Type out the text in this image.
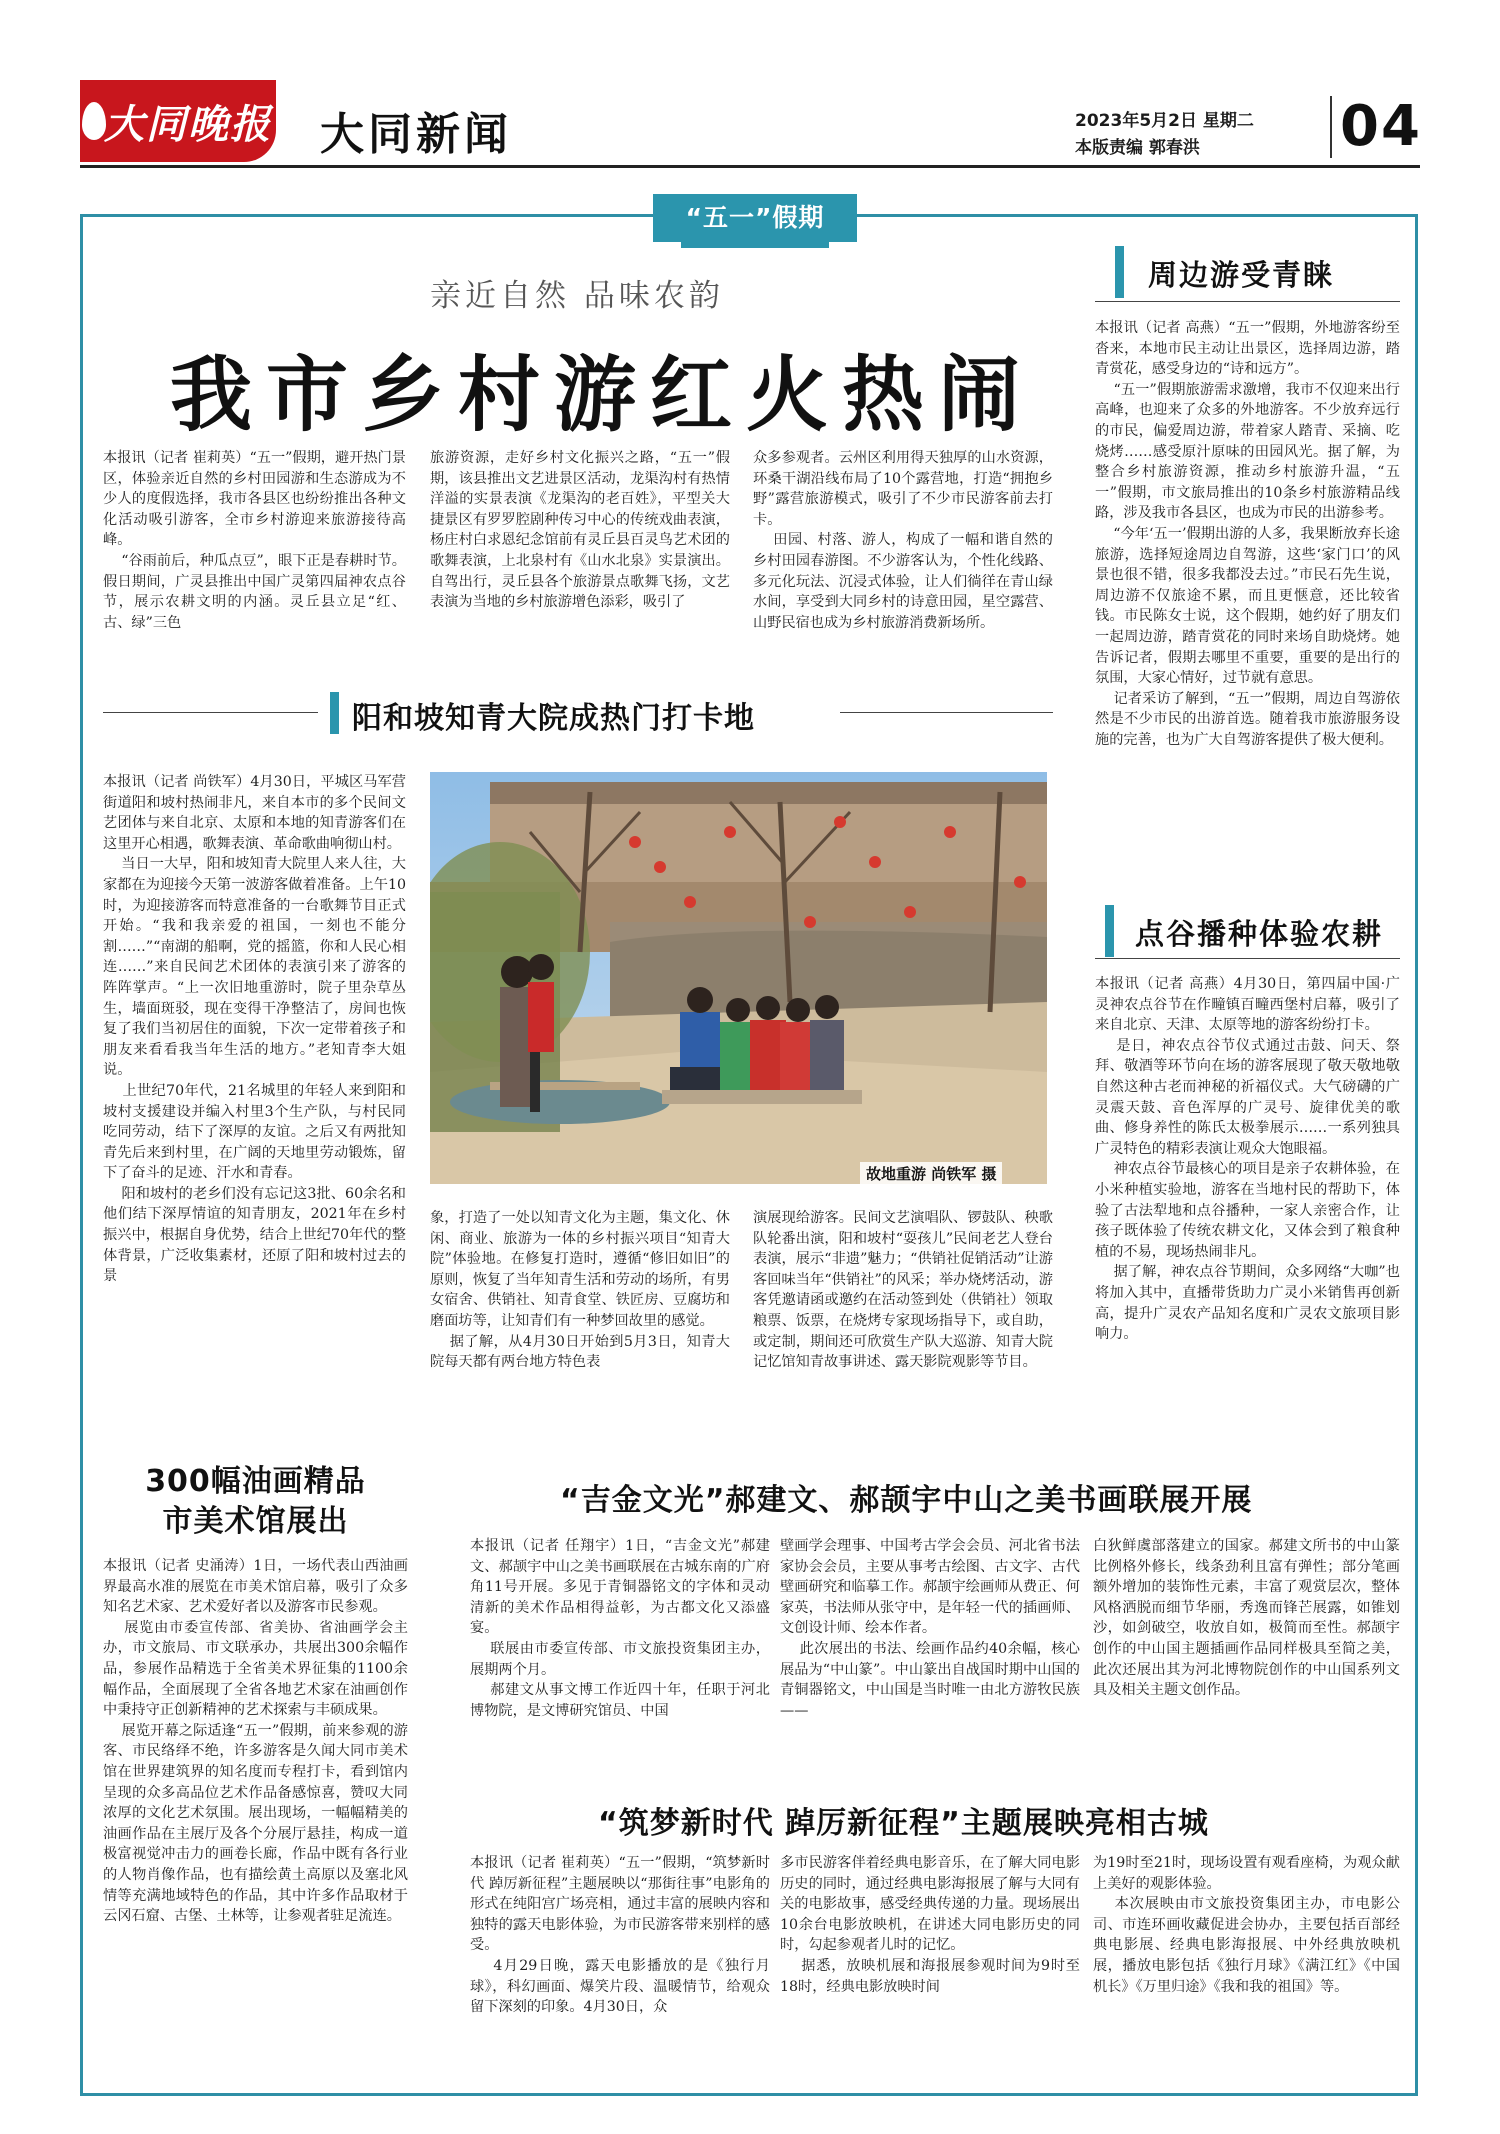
大同晚报 大同新闻	2023年5月2日 星期二
本版责编 郭春洪	04
“五一”假期
亲近自然 品味农韵
我市乡村游红火热闹
本报讯（记者 崔莉英）“五一”假期，避开热门景区，体验亲近自然的乡村田园游和生态游成为不少人的度假选择，我市各县区也纷纷推出各种文化活动吸引游客，全市乡村游迎来旅游接待高峰。
“谷雨前后，种瓜点豆”，眼下正是春耕时节。假日期间，广灵县推出中国广灵第四届神农点谷节，展示农耕文明的内涵。灵丘县立足“红、古、绿”三色
旅游资源，走好乡村文化振兴之路，“五一”假期，该县推出文艺进景区活动，龙渠沟村有热情洋溢的实景表演《龙渠沟的老百姓》，平型关大捷景区有罗罗腔剧种传习中心的传统戏曲表演，杨庄村白求恩纪念馆前有灵丘县百灵鸟艺术团的歌舞表演，上北泉村有《山水北泉》实景演出。自驾出行，灵丘县各个旅游景点歌舞飞扬，文艺表演为当地的乡村旅游增色添彩，吸引了
众多参观者。云州区利用得天独厚的山水资源，环桑干湖沿线布局了10个露营地，打造“拥抱乡野”露营旅游模式，吸引了不少市民游客前去打卡。
田园、村落、游人，构成了一幅和谐自然的乡村田园春游图。不少游客认为，个性化线路、多元化玩法、沉浸式体验，让人们徜徉在青山绿水间，享受到大同乡村的诗意田园，星空露营、山野民宿也成为乡村旅游消费新场所。
阳和坡知青大院成热门打卡地
本报讯（记者 尚铁军）4月30日，平城区马军营街道阳和坡村热闹非凡，来自本市的多个民间文艺团体与来自北京、太原和本地的知青游客们在这里开心相遇，歌舞表演、革命歌曲响彻山村。
当日一大早，阳和坡知青大院里人来人往，大家都在为迎接今天第一波游客做着准备。上午10时，为迎接游客而特意准备的一台歌舞节目正式开始。“我和我亲爱的祖国，一刻也不能分割……”“南湖的船啊，党的摇篮，你和人民心相连……”来自民间艺术团体的表演引来了游客的阵阵掌声。“上一次旧地重游时，院子里杂草丛生，墙面斑驳，现在变得干净整洁了，房间也恢复了我们当初居住的面貌，下次一定带着孩子和朋友来看看我当年生活的地方。”老知青李大姐说。
上世纪70年代，21名城里的年轻人来到阳和坡村支援建设并编入村里3个生产队，与村民同吃同劳动，结下了深厚的友谊。之后又有两批知青先后来到村里，在广阔的天地里劳动锻炼，留下了奋斗的足迹、汗水和青春。
阳和坡村的老乡们没有忘记这3批、60余名和他们结下深厚情谊的知青朋友，2021年在乡村振兴中，根据自身优势，结合上世纪70年代的整体背景，广泛收集素材，还原了阳和坡村过去的景
故地重游 尚铁军 摄
象，打造了一处以知青文化为主题，集文化、休闲、商业、旅游为一体的乡村振兴项目“知青大院”体验地。在修复打造时，遵循“修旧如旧”的原则，恢复了当年知青生活和劳动的场所，有男女宿舍、供销社、知青食堂、铁匠房、豆腐坊和磨面坊等，让知青们有一种梦回故里的感觉。
据了解，从4月30日开始到5月3日，知青大院每天都有两台地方特色表
演展现给游客。民间文艺演唱队、锣鼓队、秧歌队轮番出演，阳和坡村“耍孩儿”民间老艺人登台表演，展示“非遗”魅力；“供销社促销活动”让游客回味当年“供销社”的风采；举办烧烤活动，游客凭邀请函或邀约在活动签到处（供销社）领取粮票、饭票，在烧烤专家现场指导下，或自助，或定制，期间还可欣赏生产队大巡游、知青大院记忆馆知青故事讲述、露天影院观影等节目。
周边游受青睐
本报讯（记者 高燕）“五一”假期，外地游客纷至沓来，本地市民主动让出景区，选择周边游，踏青赏花，感受身边的“诗和远方”。
“五一”假期旅游需求激增，我市不仅迎来出行高峰，也迎来了众多的外地游客。不少放弃远行的市民，偏爱周边游，带着家人踏青、采摘、吃烧烤……感受原汁原味的田园风光。据了解，为整合乡村旅游资源，推动乡村旅游升温，“五一”假期，市文旅局推出的10条乡村旅游精品线路，涉及我市各县区，也成为市民的出游参考。
“今年‘五一’假期出游的人多，我果断放弃长途旅游，选择短途周边自驾游，这些‘家门口’的风景也很不错，很多我都没去过。”市民石先生说，周边游不仅旅途不累，而且更惬意，还比较省钱。市民陈女士说，这个假期，她约好了朋友们一起周边游，踏青赏花的同时来场自助烧烤。她告诉记者，假期去哪里不重要，重要的是出行的氛围，大家心情好，过节就有意思。
记者采访了解到，“五一”假期，周边自驾游依然是不少市民的出游首选。随着我市旅游服务设施的完善，也为广大自驾游客提供了极大便利。
点谷播种体验农耕
本报讯（记者 高燕）4月30日，第四届中国·广灵神农点谷节在作疃镇百疃西堡村启幕，吸引了来自北京、天津、太原等地的游客纷纷打卡。
是日，神农点谷节仪式通过击鼓、问天、祭拜、敬酒等环节向在场的游客展现了敬天敬地敬自然这种古老而神秘的祈福仪式。大气磅礴的广灵震天鼓、音色浑厚的广灵号、旋律优美的歌曲、修身养性的陈氏太极拳展示……一系列独具广灵特色的精彩表演让观众大饱眼福。
神农点谷节最核心的项目是亲子农耕体验，在小米种植实验地，游客在当地村民的帮助下，体验了古法犁地和点谷播种，一家人亲密合作，让孩子既体验了传统农耕文化，又体会到了粮食种植的不易，现场热闹非凡。
据了解，神农点谷节期间，众多网络“大咖”也将加入其中，直播带货助力广灵小米销售再创新高，提升广灵农产品知名度和广灵农文旅项目影响力。
300幅油画精品
市美术馆展出
本报讯（记者 史涌涛）1日，一场代表山西油画界最高水准的展览在市美术馆启幕，吸引了众多知名艺术家、艺术爱好者以及游客市民参观。
展览由市委宣传部、省美协、省油画学会主办，市文旅局、市文联承办，共展出300余幅作品，参展作品精选于全省美术界征集的1100余幅作品，全面展现了全省各地艺术家在油画创作中秉持守正创新精神的艺术探索与丰硕成果。
展览开幕之际适逢“五一”假期，前来参观的游客、市民络绎不绝，许多游客是久闻大同市美术馆在世界建筑界的知名度而专程打卡，看到馆内呈现的众多高品位艺术作品备感惊喜，赞叹大同浓厚的文化艺术氛围。展出现场，一幅幅精美的油画作品在主展厅及各个分展厅悬挂，构成一道极富视觉冲击力的画卷长廊，作品中既有各行业的人物肖像作品，也有描绘黄土高原以及塞北风情等充满地域特色的作品，其中许多作品取材于云冈石窟、古堡、土林等，让参观者驻足流连。
“吉金文光”郝建文、郝颉宇中山之美书画联展开展
本报讯（记者 任翔宇）1日，“吉金文光”郝建文、郝颉宇中山之美书画联展在古城东南的广府角11号开展。多见于青铜器铭文的字体和灵动清新的美术作品相得益彰，为古都文化又添盛宴。
联展由市委宣传部、市文旅投资集团主办，展期两个月。
郝建文从事文博工作近四十年，任职于河北博物院，是文博研究馆员、中国
壁画学会理事、中国考古学会会员、河北省书法家协会会员，主要从事考古绘图、古文字、古代壁画研究和临摹工作。郝颉宇绘画师从费正、何家英，书法师从张守中，是年轻一代的插画师、文创设计师、绘本作者。
此次展出的书法、绘画作品约40余幅，核心展品为“中山篆”。中山篆出自战国时期中山国的青铜器铭文，中山国是当时唯一由北方游牧民族——
白狄鲜虞部落建立的国家。郝建文所书的中山篆比例格外修长，线条劲利且富有弹性；部分笔画额外增加的装饰性元素，丰富了观赏层次，整体风格洒脱而细节华丽，秀逸而锋芒展露，如锥划沙，如剑破空，收放自如，极简而至性。郝颉宇创作的中山国主题插画作品同样极具至简之美，此次还展出其为河北博物院创作的中山国系列文具及相关主题文创作品。
“筑梦新时代 踔厉新征程”主题展映亮相古城
本报讯（记者 崔莉英）“五一”假期，“筑梦新时代 踔厉新征程”主题展映以“那街往事”电影角的形式在纯阳宫广场亮相，通过丰富的展映内容和独特的露天电影体验，为市民游客带来别样的感受。
4月29日晚，露天电影播放的是《独行月球》，科幻画面、爆笑片段、温暖情节，给观众留下深刻的印象。4月30日，众
多市民游客伴着经典电影音乐，在了解大同电影历史的同时，通过经典电影海报展了解与大同有关的电影故事，感受经典传递的力量。现场展出10余台电影放映机，在讲述大同电影历史的同时，勾起参观者儿时的记忆。
据悉，放映机展和海报展参观时间为9时至18时，经典电影放映时间
为19时至21时，现场设置有观看座椅，为观众献上美好的观影体验。
本次展映由市文旅投资集团主办，市电影公司、市连环画收藏促进会协办，主要包括百部经典电影展、经典电影海报展、中外经典放映机展，播放电影包括《独行月球》《满江红》《中国机长》《万里归途》《我和我的祖国》等。
